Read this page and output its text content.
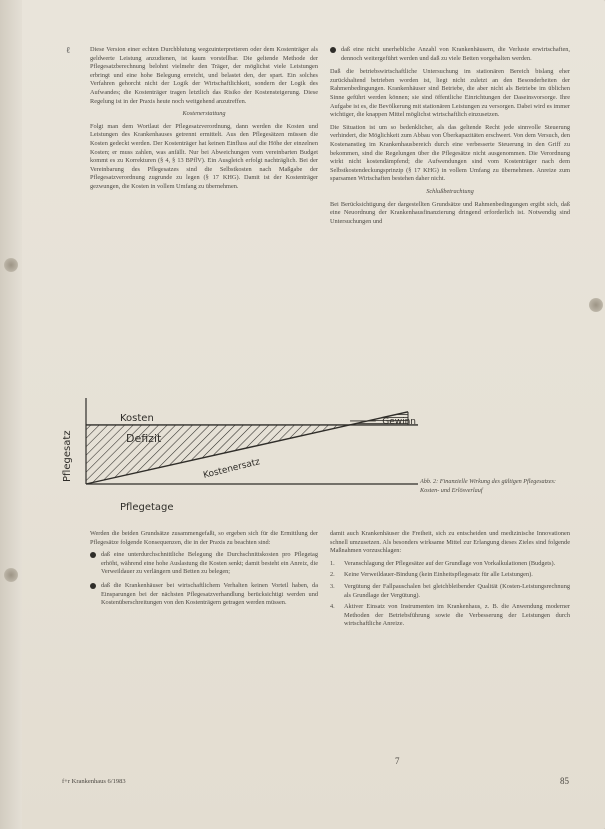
ℓ	Diese Version einer echten Durchblutung wegzuinterpretieren oder dem Kostenträger als geldwerte Leistung anzudienen, ist kaum vorstellbar. Die geltende Methode der Pflegesatzberechnung belohnt vielmehr den Träger, der möglichst viele Leistungen erbringt und eine hohe Belegung erreicht, und belastet den, der spart. Ein solches Verfahren gehorcht nicht der Logik der Wirtschaftlichkeit, sondern der Logik des Aufwandes; die Kostenträger tragen letztlich das Risiko der Kostensteigerung. Diese Regelung ist in der Praxis heute noch weitgehend anzutreffen.

Kostenerstattung

Folgt man dem Wortlaut der Pflegesatzverordnung, dann werden die Kosten und Leistungen des Krankenhauses getrennt ermittelt. Aus den Pflegesätzen müssen die Kosten gedeckt werden. Der Kostenträger hat keinen Einfluss auf die Höhe der einzelnen Kosten; er muss zahlen, was anfällt. Nur bei Abweichungen vom vereinbarten Budget kommt es zu Korrekturen (§ 4, § 13 BPflV). Ein Ausgleich erfolgt nachträglich. Bei der Vereinbarung des Pflegesatzes sind die Selbstkosten nach Maßgabe der Pflegesatzverordnung zugrunde zu legen (§ 17 KHG). Damit ist der Kostenträger gezwungen, die Kosten in vollem Umfang zu übernehmen.

daß eine nicht unerhebliche Anzahl von Krankenhäusern, die Verluste erwirtschaften, dennoch weitergeführt werden und daß zu viele Betten vorgehalten werden.

Daß die betriebswirtschaftliche Untersuchung im stationären Bereich bislang eher zurückhaltend betrieben worden ist, liegt nicht zuletzt an den Besonderheiten der Rahmenbedingungen. Krankenhäuser sind Betriebe, die aber nicht als Betriebe im üblichen Sinne geführt werden können; sie sind öffentliche Einrichtungen der Daseinsvorsorge. Ihre Aufgabe ist es, die Bevölkerung mit stationären Leistungen zu versorgen. Dabei wird es immer wichtiger, die knappen Mittel möglichst wirtschaftlich einzusetzen.

Die Situation ist um so bedenklicher, als das geltende Recht jede sinnvolle Steuerung verhindert, die Möglichkeit zum Abbau von Überkapazitäten erschwert. Von dem Versuch, den Kostenanstieg im Krankenhausbereich durch eine verbesserte Steuerung in den Griff zu bekommen, sind die Regelungen über die Pflegesätze nicht ausgenommen. Die Verordnung wirkt nicht kostendämpfend; die Aufwendungen sind vom Kostenträger nach dem Selbstkostendeckungsprinzip (§ 17 KHG) in vollem Umfang zu übernehmen. Anreize zum sparsamen Wirtschaften bestehen daher nicht.

Schlußbetrachtung

Bei Berücksichtigung der dargestellten Grundsätze und Rahmenbedingungen ergibt sich, daß eine Neuordnung der Krankenhausfinanzierung dringend erforderlich ist. Notwendig sind Untersuchungen und

Kosten
Defizit
Kostenersatz
Gewinn
Pflegesatz
Pflegetage
Abb. 2: Finanzielle Wirkung des gültigen Pflegesatzes: Kosten- und Erlösverlauf

Werden die beiden Grundsätze zusammengefaßt, so ergeben sich für die Ermittlung der Pflegesätze folgende Konsequenzen, die in der Praxis zu beachten sind:

daß eine unterdurchschnittliche Belegung die Durchschnittskosten pro Pflegetag erhöht, während eine hohe Auslastung die Kosten senkt; damit besteht ein Anreiz, die Verweildauer zu verlängern und Betten zu belegen;
daß die Krankenhäuser bei wirtschaftlichem Verhalten keinen Vorteil haben, da Einsparungen bei der nächsten Pflegesatzverhandlung berücksichtigt werden und Kostenüberschreitungen von den Kostenträgern getragen werden müssen.

damit auch Krankenhäuser die Freiheit, sich zu entscheiden und medizinische Innovationen schnell umzusetzen. Als besonders wirksame Mittel zur Erlangung dieses Zieles sind folgende Maßnahmen vorzuschlagen:

1. Veranschlagung der Pflegesätze auf der Grundlage von Vorkalkulationen (Budgets).
2. Keine Verweildauer-Bindung (kein Einheitspflegesatz für alle Leistungen).
3. Vergütung der Fallpauschalen bei gleichbleibender Qualität (Kosten-Leistungsrechnung als Grundlage der Vergütung).
4. Aktiver Einsatz von Instrumenten im Krankenhaus, z. B. die Anwendung moderner Methoden der Betriebsführung sowie die Verbesserung der Leistungen durch wirtschaftliche Anreize.
7
f+r Krankenhaus 6/1983	85
